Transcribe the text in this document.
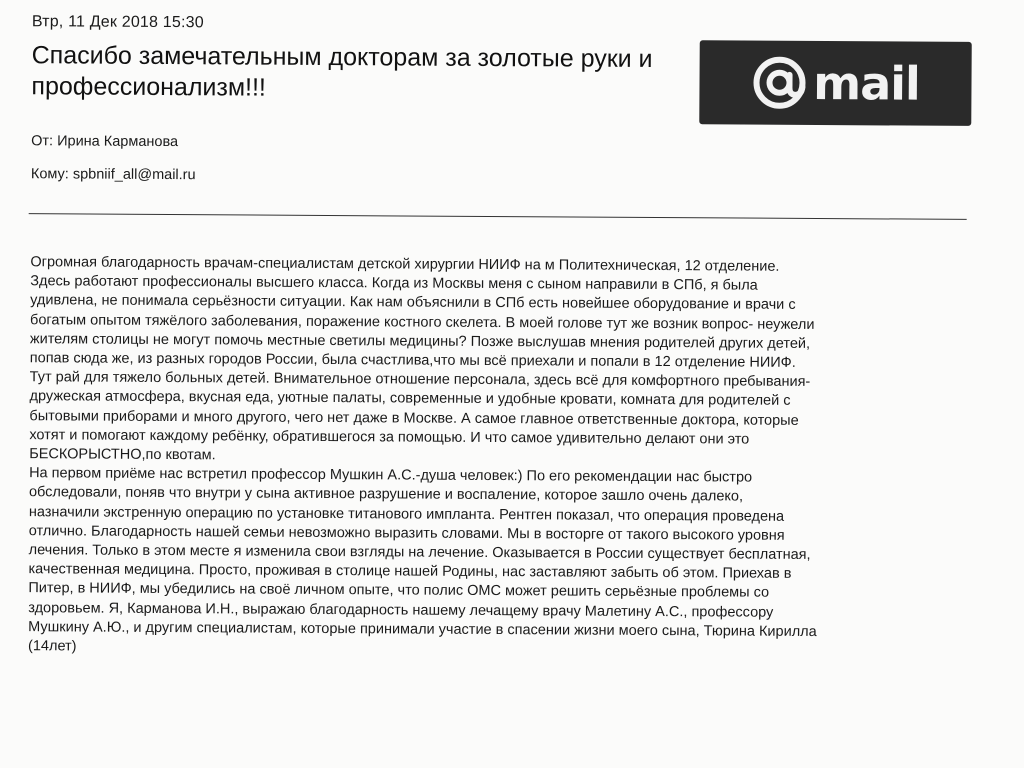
Втр, 11 Дек 2018 15:30
Спасибо замечательным докторам за золотые руки и профессионализм!!!	mail
От: Ирина Карманова
Кому: spbniif_all@mail.ru

Огромная благодарность врачам-специалистам детской хирургии НИИФ на м Политехническая, 12 отделение.
Здесь работают профессионалы высшего класса. Когда из Москвы меня с сыном направили в СПб, я была
удивлена, не понимала серьёзности ситуации. Как нам объяснили в СПб есть новейшее оборудование и врачи с
богатым опытом тяжёлого заболевания, поражение костного скелета. В моей голове тут же возник вопрос- неужели
жителям столицы не могут помочь местные светилы медицины? Позже выслушав мнения родителей других детей,
попав сюда же, из разных городов России, была счастлива,что мы всё приехали и попали в 12 отделение НИИФ.
Тут рай для тяжело больных детей. Внимательное отношение персонала, здесь всё для комфортного пребывания-
дружеская атмосфера, вкусная еда, уютные палаты, современные и удобные кровати, комната для родителей с
бытовыми приборами и много другого, чего нет даже в Москве. А самое главное ответственные доктора, которые
хотят и помогают каждому ребёнку, обратившегося за помощью. И что самое удивительно делают они это
БЕСКОРЫСТНО,по квотам.

На первом приёме нас встретил профессор Мушкин А.С.-душа человек:) По его рекомендации нас быстро
обследовали, поняв что внутри у сына активное разрушение и воспаление, которое зашло очень далеко,
назначили экстренную операцию по установке титанового импланта. Рентген показал, что операция проведена
отлично. Благодарность нашей семьи невозможно выразить словами. Мы в восторге от такого высокого уровня
лечения. Только в этом месте я изменила свои взгляды на лечение. Оказывается в России существует бесплатная,
качественная медицина. Просто, проживая в столице нашей Родины, нас заставляют забыть об этом. Приехав в
Питер, в НИИФ, мы убедились на своё личном опыте, что полис ОМС может решить серьёзные проблемы со
здоровьем. Я, Карманова И.Н., выражаю благодарность нашему лечащему врачу Малетину А.С., профессору
Мушкину А.Ю., и другим специалистам, которые принимали участие в спасении жизни моего сына, Тюрина Кирилла
(14лет)
